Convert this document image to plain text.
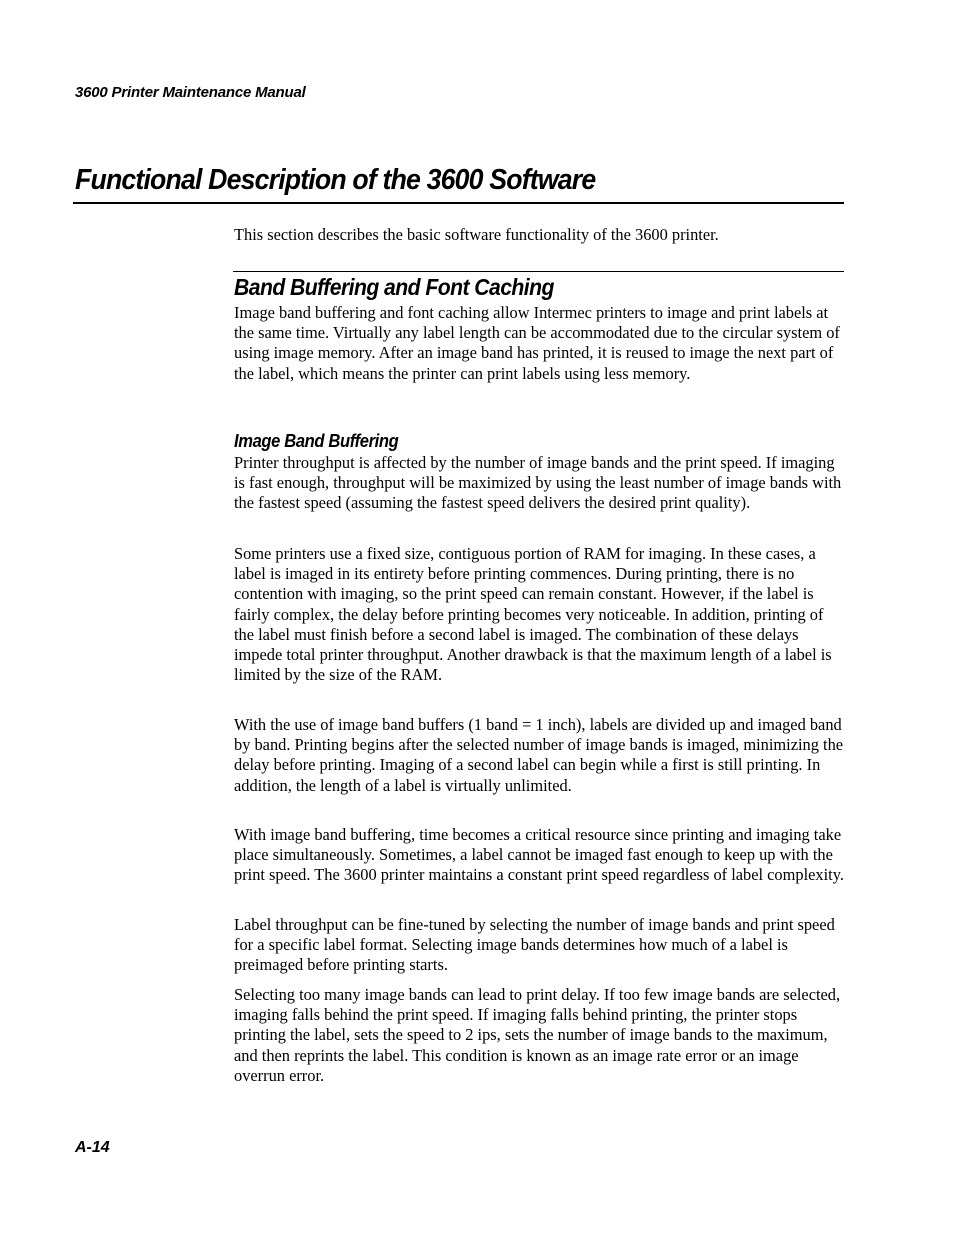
3600 Printer Maintenance Manual
Functional Description of the 3600 Software

This section describes the basic software functionality of the 3600 printer.

Band Buffering and Font Caching

Image band buffering and font caching allow Intermec printers to image and print labels at the same time. Virtually any label length can be accommodated due to the circular system of using image memory. After an image band has printed, it is reused to image the next part of the label, which means the printer can print labels using less memory.

Image Band Buffering

Printer throughput is affected by the number of image bands and the print speed. If imaging is fast enough, throughput will be maximized by using the least number of image bands with the fastest speed (assuming the fastest speed delivers the desired print quality).

Some printers use a fixed size, contiguous portion of RAM for imaging. In these cases, a label is imaged in its entirety before printing commences. During printing, there is no contention with imaging, so the print speed can remain constant. However, if the label is fairly complex, the delay before printing becomes very noticeable. In addition, printing of the label must finish before a second label is imaged. The combination of these delays impede total printer throughput. Another drawback is that the maximum length of a label is limited by the size of the RAM.

With the use of image band buffers (1 band = 1 inch), labels are divided up and imaged band by band. Printing begins after the selected number of image bands is imaged, minimizing the delay before printing. Imaging of a second label can begin while a first is still printing. In addition, the length of a label is virtually unlimited.

With image band buffering, time becomes a critical resource since printing and imaging take place simultaneously. Sometimes, a label cannot be imaged fast enough to keep up with the print speed. The 3600 printer maintains a constant print speed regardless of label complexity.

Label throughput can be fine-tuned by selecting the number of image bands and print speed for a specific label format. Selecting image bands determines how much of a label is preimaged before printing starts.

Selecting too many image bands can lead to print delay. If too few image bands are selected, imaging falls behind the print speed. If imaging falls behind printing, the printer stops printing the label, sets the speed to 2 ips, sets the number of image bands to the maximum, and then reprints the label. This condition is known as an image rate error or an image overrun error.

A-14
